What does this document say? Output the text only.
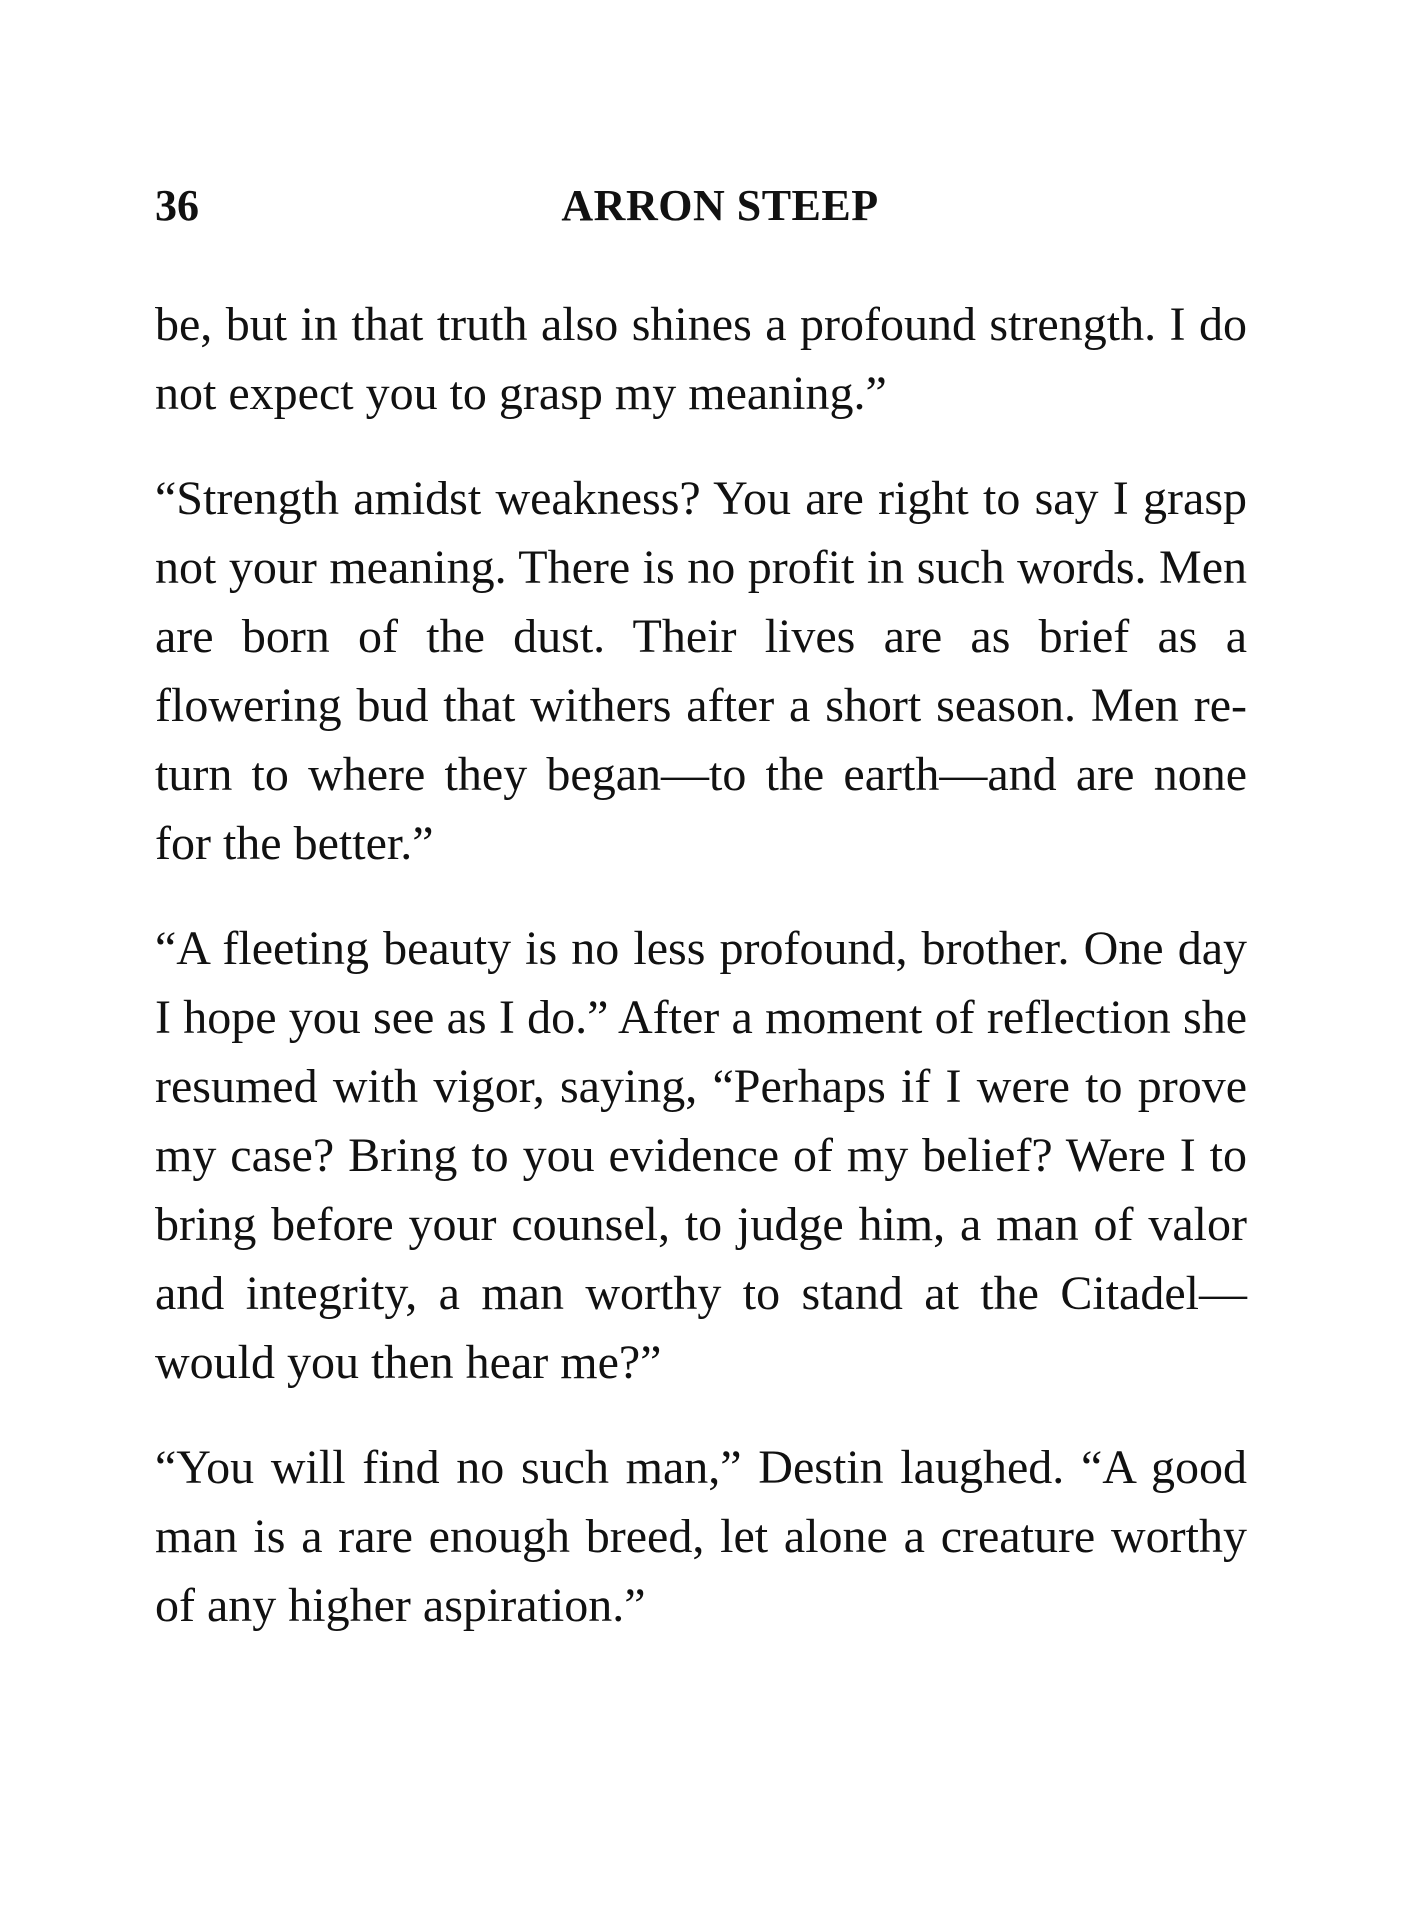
36	ARRON STEEP

be, but in that truth also shines a profound strength. I do not expect you to grasp my meaning.”

“Strength amidst weakness? You are right to say I grasp not your meaning. There is no profit in such words. Men are born of the dust. Their lives are as brief as a flowering bud that withers after a short season. Men return to where they began—to the earth—and are none for the better.”

“A fleeting beauty is no less profound, brother. One day I hope you see as I do.” After a moment of reflection she resumed with vigor, saying, “Perhaps if I were to prove my case? Bring to you evidence of my belief? Were I to bring before your counsel, to judge him, a man of valor and integrity, a man worthy to stand at the Citadel—would you then hear me?”

“You will find no such man,” Destin laughed. “A good man is a rare enough breed, let alone a creature worthy of any higher aspiration.”
